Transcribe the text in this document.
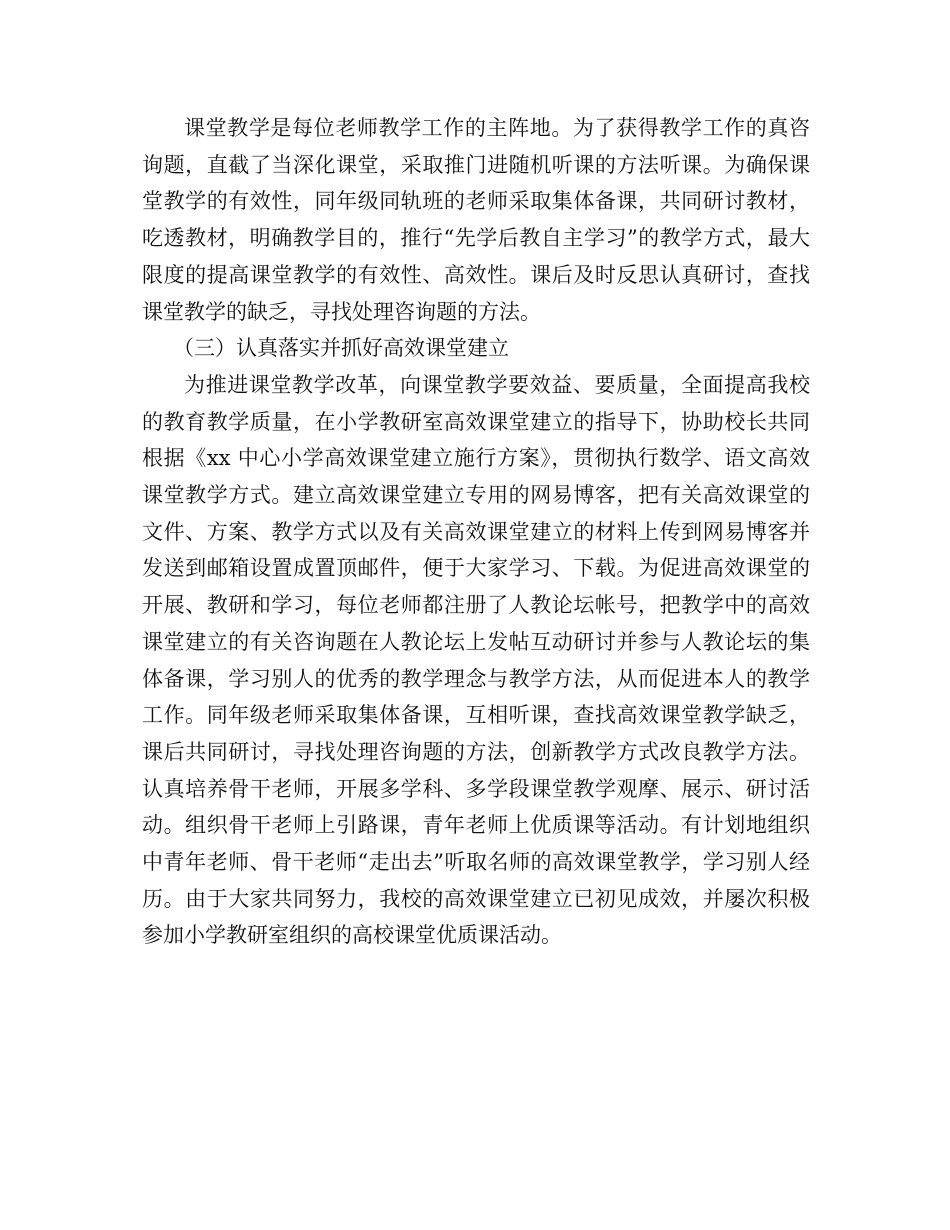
课堂教学是每位老师教学工作的主阵地。为了获得教学工作的真咨询题，直截了当深化课堂，采取推门进随机听课的方法听课。为确保课堂教学的有效性，同年级同轨班的老师采取集体备课，共同研讨教材，吃透教材，明确教学目的，推行“先学后教自主学习”的教学方式，最大限度的提高课堂教学的有效性、高效性。课后及时反思认真研讨，查找课堂教学的缺乏，寻找处理咨询题的方法。

（三）认真落实并抓好高效课堂建立

为推进课堂教学改革，向课堂教学要效益、要质量，全面提高我校的教育教学质量，在小学教研室高效课堂建立的指导下，协助校长共同根据《xx 中心小学高效课堂建立施行方案》，贯彻执行数学、语文高效课堂教学方式。建立高效课堂建立专用的网易博客，把有关高效课堂的文件、方案、教学方式以及有关高效课堂建立的材料上传到网易博客并发送到邮箱设置成置顶邮件，便于大家学习、下载。为促进高效课堂的开展、教研和学习，每位老师都注册了人教论坛帐号，把教学中的高效课堂建立的有关咨询题在人教论坛上发帖互动研讨并参与人教论坛的集体备课，学习别人的优秀的教学理念与教学方法，从而促进本人的教学工作。同年级老师采取集体备课，互相听课，查找高效课堂教学缺乏，课后共同研讨，寻找处理咨询题的方法，创新教学方式改良教学方法。认真培养骨干老师，开展多学科、多学段课堂教学观摩、展示、研讨活动。组织骨干老师上引路课，青年老师上优质课等活动。有计划地组织中青年老师、骨干老师“走出去”听取名师的高效课堂教学，学习别人经历。由于大家共同努力，我校的高效课堂建立已初见成效，并屡次积极参加小学教研室组织的高校课堂优质课活动。
